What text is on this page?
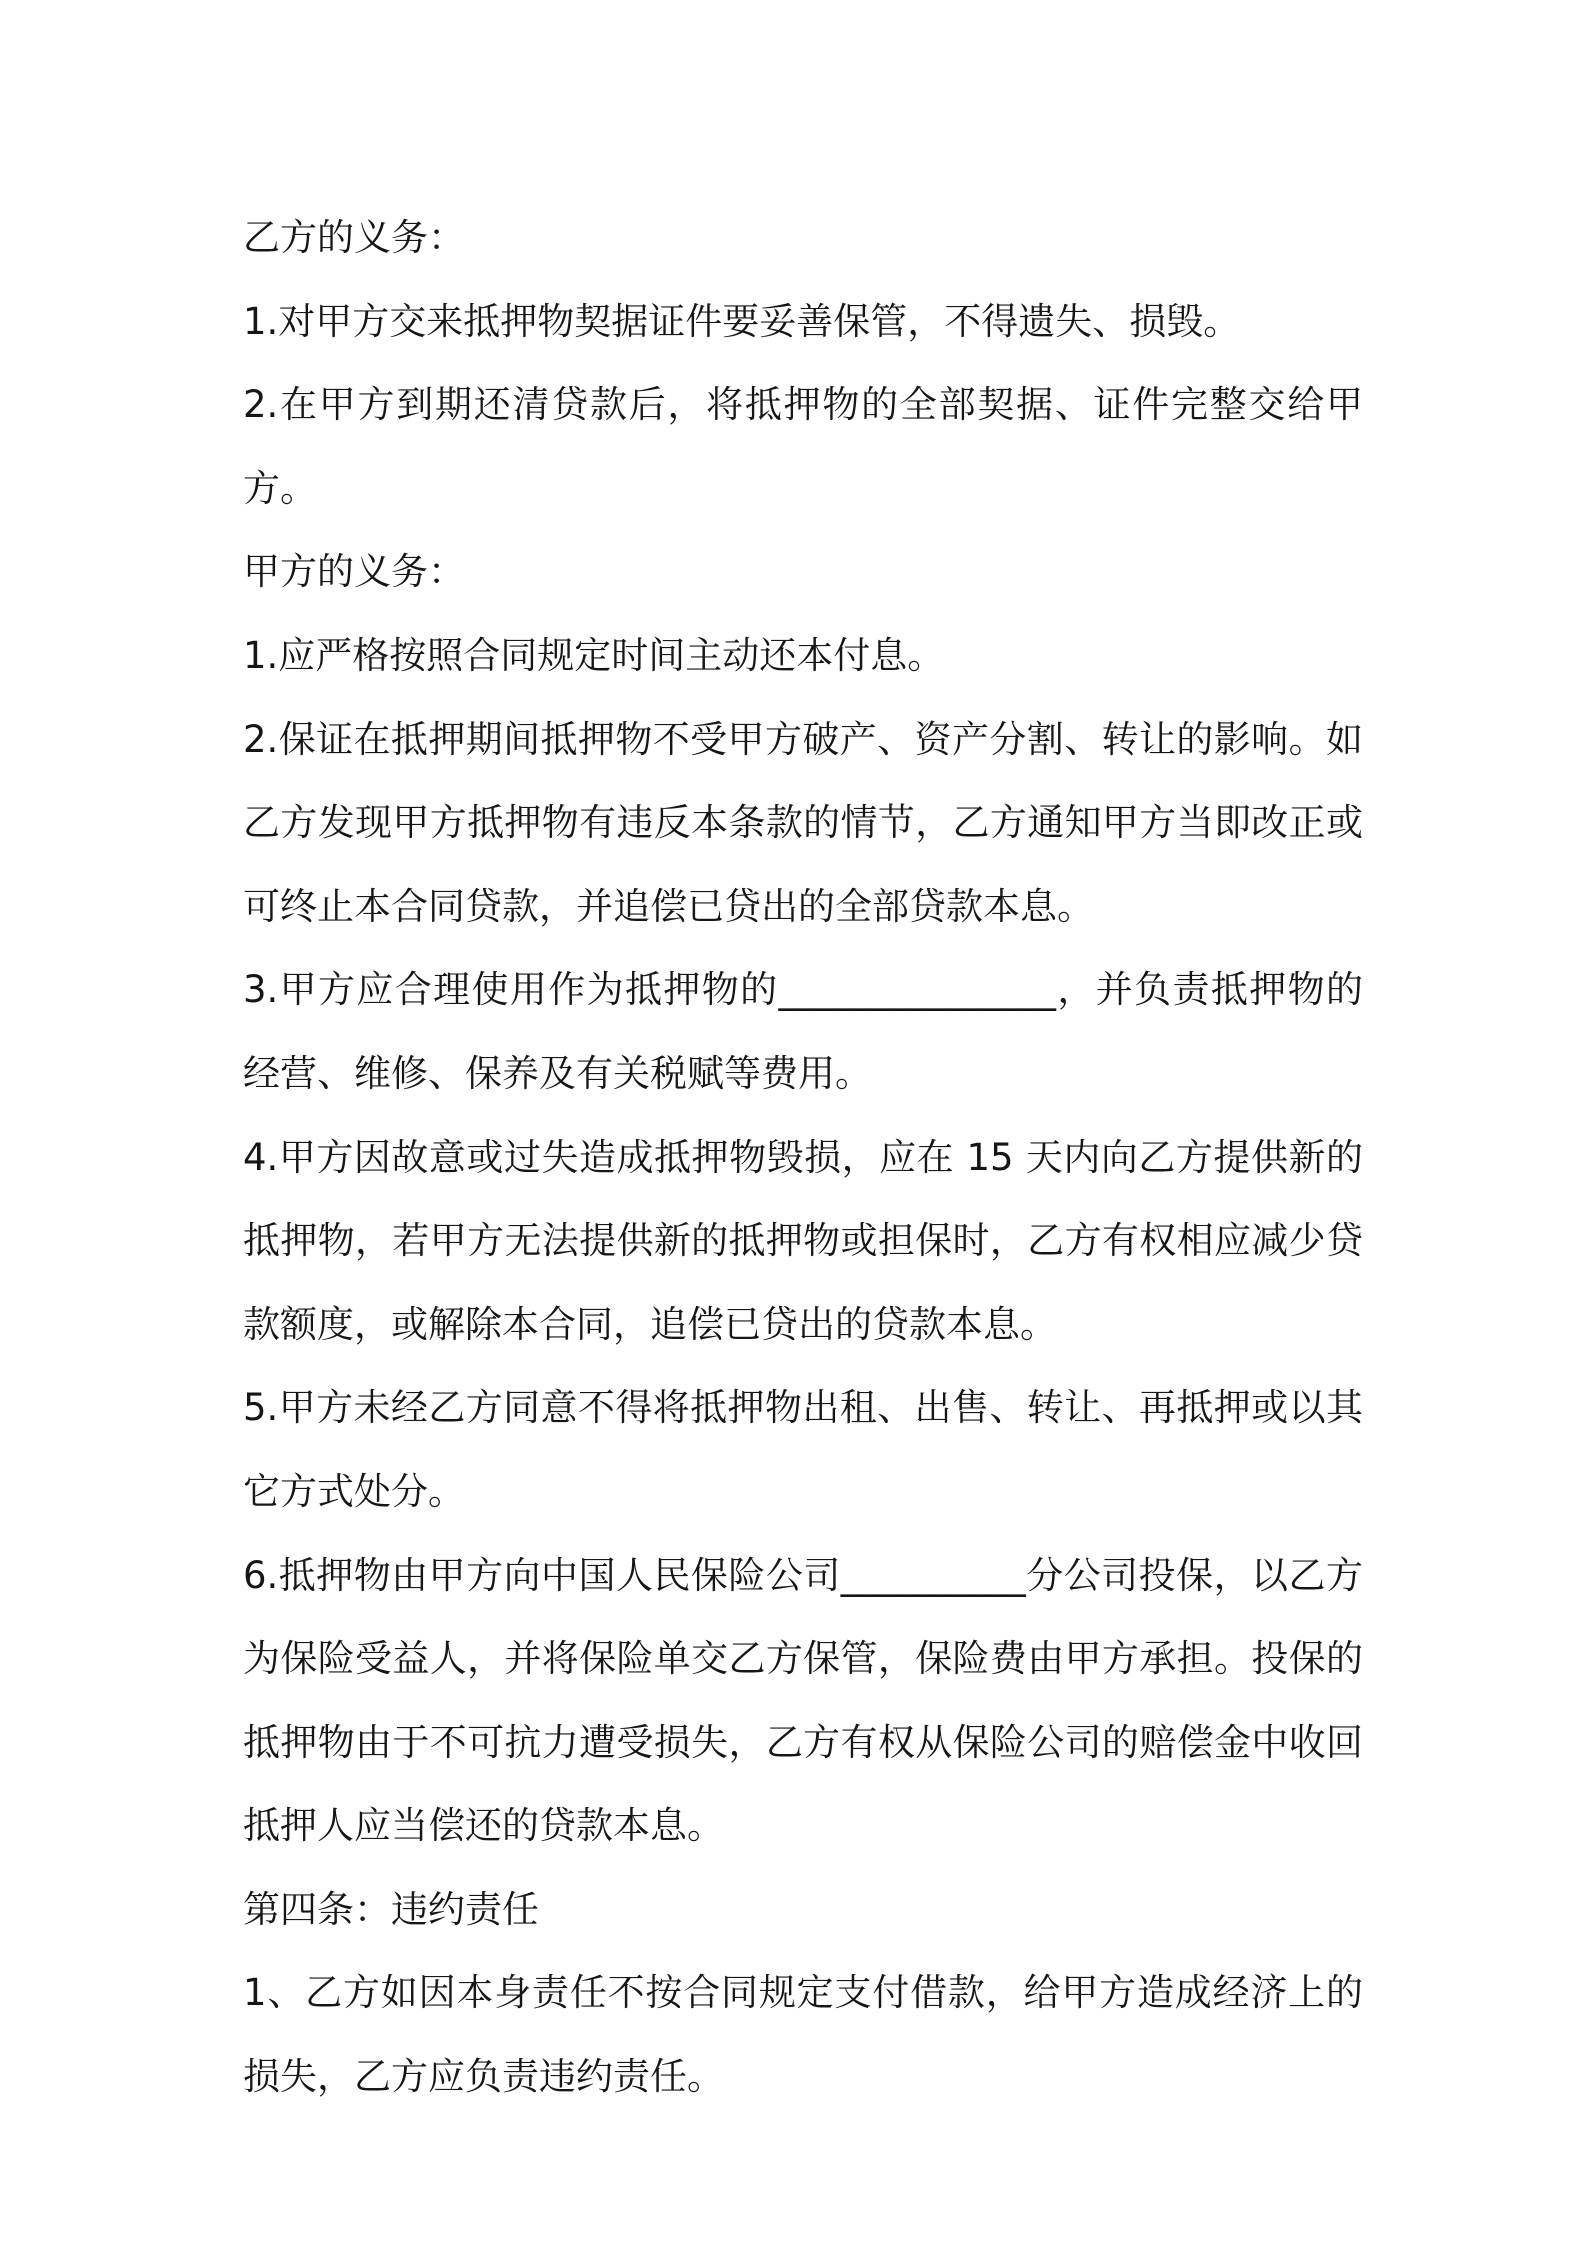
乙方的义务：

1.对甲方交来抵押物契据证件要妥善保管，不得遗失、损毁。

2.在甲方到期还清贷款后，将抵押物的全部契据、证件完整交给甲方。

甲方的义务：

1.应严格按照合同规定时间主动还本付息。

2.保证在抵押期间抵押物不受甲方破产、资产分割、转让的影响。如乙方发现甲方抵押物有违反本条款的情节，乙方通知甲方当即改正或可终止本合同贷款，并追偿已贷出的全部贷款本息。

3.甲方应合理使用作为抵押物的_______________，并负责抵押物的经营、维修、保养及有关税赋等费用。

4.甲方因故意或过失造成抵押物毁损，应在 15 天内向乙方提供新的抵押物，若甲方无法提供新的抵押物或担保时，乙方有权相应减少贷款额度，或解除本合同，追偿已贷出的贷款本息。

5.甲方未经乙方同意不得将抵押物出租、出售、转让、再抵押或以其它方式处分。

6.抵押物由甲方向中国人民保险公司__________分公司投保，以乙方为保险受益人，并将保险单交乙方保管，保险费由甲方承担。投保的抵押物由于不可抗力遭受损失，乙方有权从保险公司的赔偿金中收回抵押人应当偿还的贷款本息。

第四条：违约责任

1、乙方如因本身责任不按合同规定支付借款，给甲方造成经济上的损失，乙方应负责违约责任。
